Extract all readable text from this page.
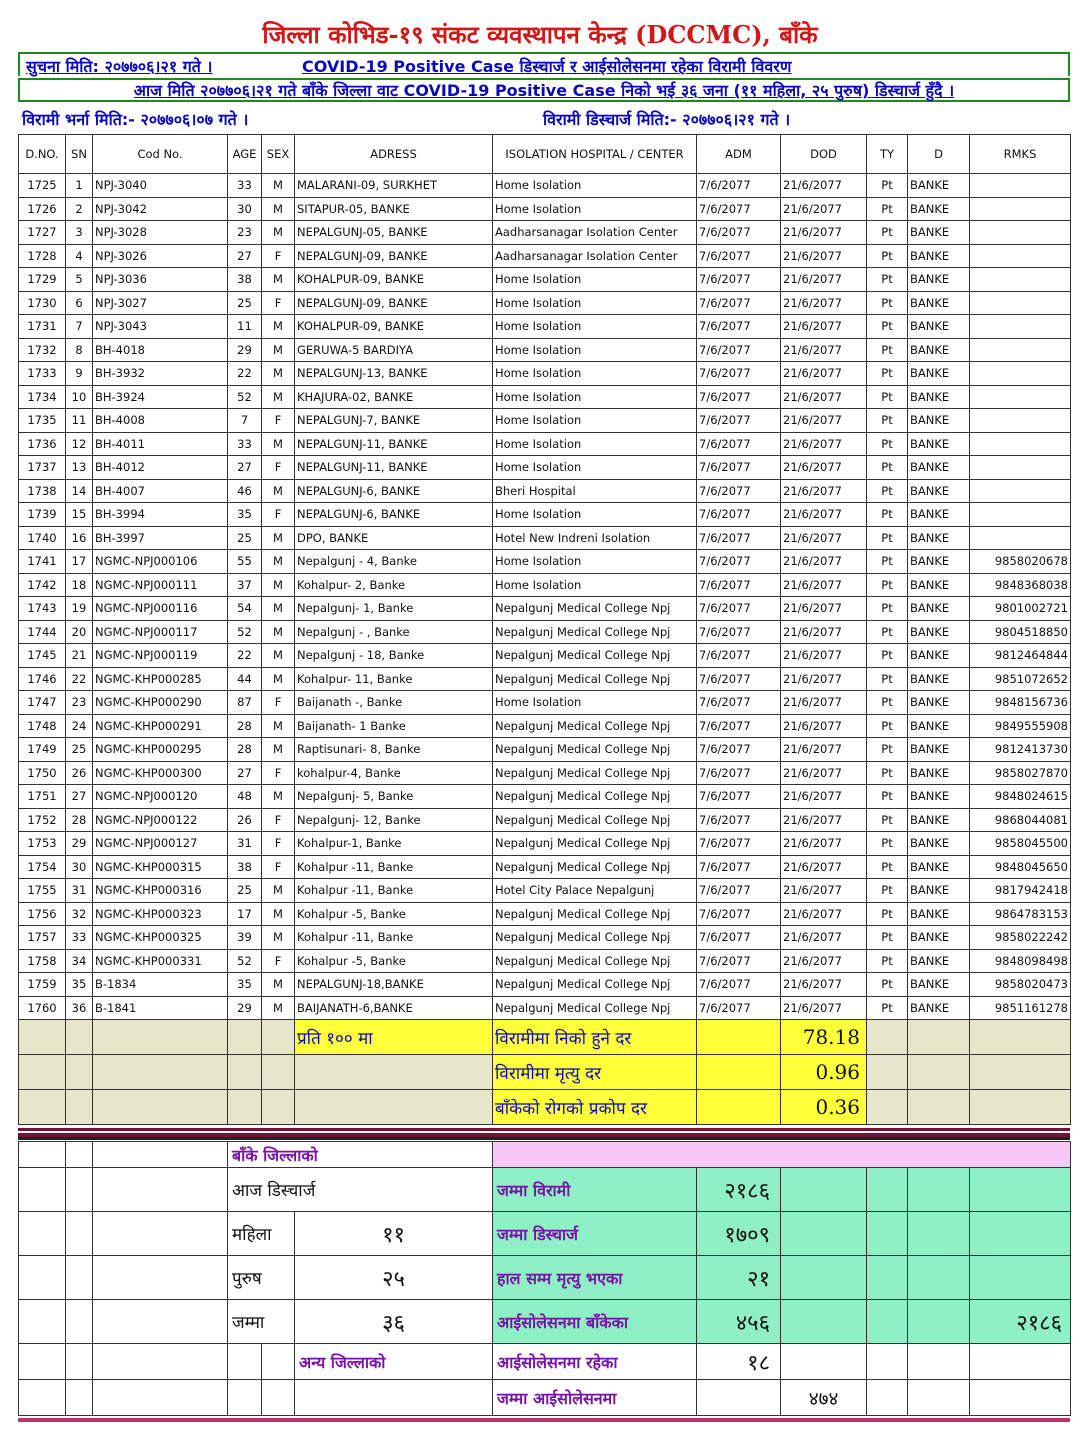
जिल्ला कोभिड-१९ संकट व्यवस्थापन केन्द्र (DCCMC), बाँके
सुचना मिति: २०७७०६।२१ गते ।	COVID-19 Positive Case डिस्चार्ज र आईसोलेसनमा रहेका विरामी विवरण
आज मिति २०७७०६।२१ गते बाँके जिल्ला वाट COVID-19 Positive Case निको भई ३६ जना (११ महिला, २५ पुरुष) डिस्चार्ज हुँदै ।
विरामी भर्ना मिति:- २०७७०६।०७ गते ।	विरामी डिस्चार्ज मिति:- २०७७०६।२१ गते ।
D.NO.	SN	Cod No.	AGE	SEX	ADRESS	ISOLATION HOSPITAL / CENTER	ADM	DOD	TY	D	RMKS
1725	1	NPJ-3040	33	M	MALARANI-09, SURKHET	Home Isolation	7/6/2077	21/6/2077	Pt	BANKE	
1726	2	NPJ-3042	30	M	SITAPUR-05, BANKE	Home Isolation	7/6/2077	21/6/2077	Pt	BANKE	
1727	3	NPJ-3028	23	M	NEPALGUNJ-05, BANKE	Aadharsanagar Isolation Center	7/6/2077	21/6/2077	Pt	BANKE	
1728	4	NPJ-3026	27	F	NEPALGUNJ-09, BANKE	Aadharsanagar Isolation Center	7/6/2077	21/6/2077	Pt	BANKE	
1729	5	NPJ-3036	38	M	KOHALPUR-09, BANKE	Home Isolation	7/6/2077	21/6/2077	Pt	BANKE	
1730	6	NPJ-3027	25	F	NEPALGUNJ-09, BANKE	Home Isolation	7/6/2077	21/6/2077	Pt	BANKE	
1731	7	NPJ-3043	11	M	KOHALPUR-09, BANKE	Home Isolation	7/6/2077	21/6/2077	Pt	BANKE	
1732	8	BH-4018	29	M	GERUWA-5 BARDIYA	Home Isolation	7/6/2077	21/6/2077	Pt	BANKE	
1733	9	BH-3932	22	M	NEPALGUNJ-13, BANKE	Home Isolation	7/6/2077	21/6/2077	Pt	BANKE	
1734	10	BH-3924	52	M	KHAJURA-02, BANKE	Home Isolation	7/6/2077	21/6/2077	Pt	BANKE	
1735	11	BH-4008	7	F	NEPALGUNJ-7, BANKE	Home Isolation	7/6/2077	21/6/2077	Pt	BANKE	
1736	12	BH-4011	33	M	NEPALGUNJ-11, BANKE	Home Isolation	7/6/2077	21/6/2077	Pt	BANKE	
1737	13	BH-4012	27	F	NEPALGUNJ-11, BANKE	Home Isolation	7/6/2077	21/6/2077	Pt	BANKE	
1738	14	BH-4007	46	M	NEPALGUNJ-6, BANKE	Bheri Hospital	7/6/2077	21/6/2077	Pt	BANKE	
1739	15	BH-3994	35	F	NEPALGUNJ-6, BANKE	Home Isolation	7/6/2077	21/6/2077	Pt	BANKE	
1740	16	BH-3997	25	M	DPO, BANKE	Hotel New Indreni Isolation	7/6/2077	21/6/2077	Pt	BANKE	
1741	17	NGMC-NPJ000106	55	M	Nepalgunj - 4, Banke	Home Isolation	7/6/2077	21/6/2077	Pt	BANKE	9858020678
1742	18	NGMC-NPJ000111	37	M	Kohalpur- 2, Banke	Home Isolation	7/6/2077	21/6/2077	Pt	BANKE	9848368038
1743	19	NGMC-NPJ000116	54	M	Nepalgunj- 1, Banke	Nepalgunj Medical College Npj	7/6/2077	21/6/2077	Pt	BANKE	9801002721
1744	20	NGMC-NPJ000117	52	M	Nepalgunj - , Banke	Nepalgunj Medical College Npj	7/6/2077	21/6/2077	Pt	BANKE	9804518850
1745	21	NGMC-NPJ000119	22	M	Nepalgunj - 18, Banke	Nepalgunj Medical College Npj	7/6/2077	21/6/2077	Pt	BANKE	9812464844
1746	22	NGMC-KHP000285	44	M	Kohalpur- 11, Banke	Nepalgunj Medical College Npj	7/6/2077	21/6/2077	Pt	BANKE	9851072652
1747	23	NGMC-KHP000290	87	F	Baijanath -, Banke	Home Isolation	7/6/2077	21/6/2077	Pt	BANKE	9848156736
1748	24	NGMC-KHP000291	28	M	Baijanath- 1 Banke	Nepalgunj Medical College Npj	7/6/2077	21/6/2077	Pt	BANKE	9849555908
1749	25	NGMC-KHP000295	28	M	Raptisunari- 8, Banke	Nepalgunj Medical College Npj	7/6/2077	21/6/2077	Pt	BANKE	9812413730
1750	26	NGMC-KHP000300	27	F	kohalpur-4, Banke	Nepalgunj Medical College Npj	7/6/2077	21/6/2077	Pt	BANKE	9858027870
1751	27	NGMC-NPJ000120	48	M	Nepalgunj- 5, Banke	Nepalgunj Medical College Npj	7/6/2077	21/6/2077	Pt	BANKE	9848024615
1752	28	NGMC-NPJ000122	26	F	Nepalgunj- 12, Banke	Nepalgunj Medical College Npj	7/6/2077	21/6/2077	Pt	BANKE	9868044081
1753	29	NGMC-NPJ000127	31	F	Kohalpur-1, Banke	Nepalgunj Medical College Npj	7/6/2077	21/6/2077	Pt	BANKE	9858045500
1754	30	NGMC-KHP000315	38	F	Kohalpur -11, Banke	Nepalgunj Medical College Npj	7/6/2077	21/6/2077	Pt	BANKE	9848045650
1755	31	NGMC-KHP000316	25	M	Kohalpur -11, Banke	Hotel City Palace Nepalgunj	7/6/2077	21/6/2077	Pt	BANKE	9817942418
1756	32	NGMC-KHP000323	17	M	Kohalpur -5, Banke	Nepalgunj Medical College Npj	7/6/2077	21/6/2077	Pt	BANKE	9864783153
1757	33	NGMC-KHP000325	39	M	Kohalpur -11, Banke	Nepalgunj Medical College Npj	7/6/2077	21/6/2077	Pt	BANKE	9858022242
1758	34	NGMC-KHP000331	52	F	Kohalpur -5, Banke	Nepalgunj Medical College Npj	7/6/2077	21/6/2077	Pt	BANKE	9848098498
1759	35	B-1834	35	M	NEPALGUNJ-18,BANKE	Nepalgunj Medical College Npj	7/6/2077	21/6/2077	Pt	BANKE	9858020473
1760	36	B-1841	29	M	BAIJANATH-6,BANKE	Nepalgunj Medical College Npj	7/6/2077	21/6/2077	Pt	BANKE	9851161278
					प्रति १०० मा	विरामीमा निको हुने दर		78.18			
						विरामीमा मृत्यु दर		0.96			
						बाँकेको रोगको प्रकोप दर		0.36			
			बाँके जिल्लाको								
			आज डिस्चार्ज			जम्मा विरामी	२१८६				
			महिला		११	जम्मा डिस्चार्ज	१७०९				
			पुरुष		२५	हाल सम्म मृत्यु भएका	२१				
			जम्मा		३६	आईसोलेसनमा बाँकेका	४५६				२१८६
					अन्य जिल्लाको	आईसोलेसनमा रहेका	१८				
						जम्मा आईसोलेसनमा		४७४			
